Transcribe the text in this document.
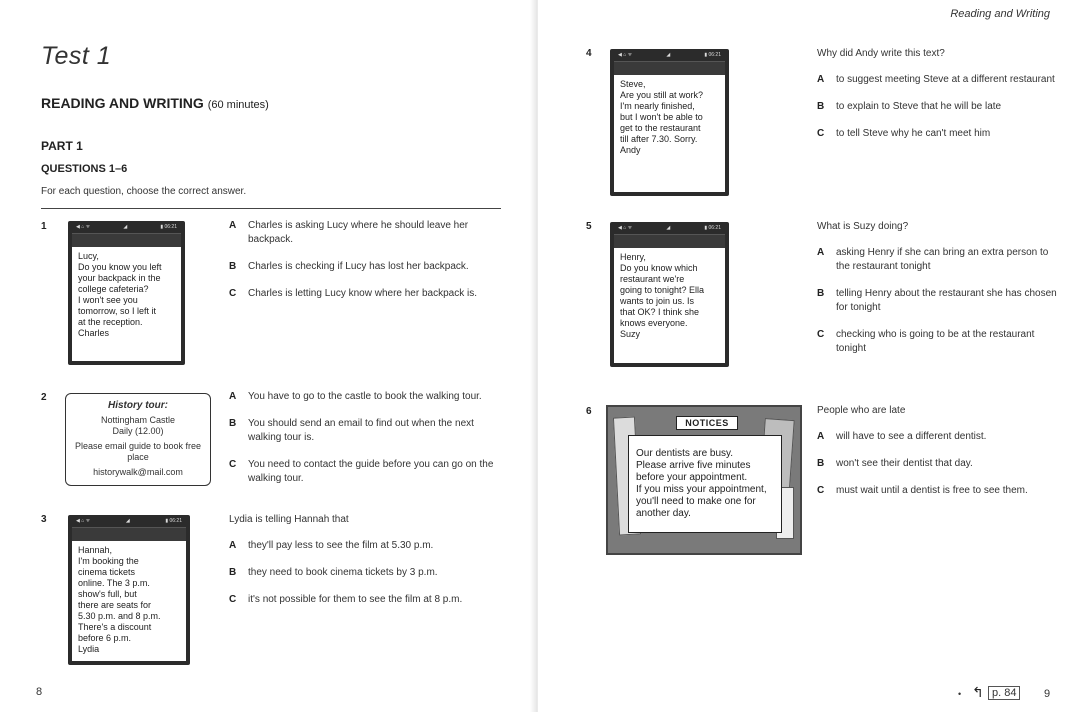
Test 1
READING AND WRITING (60 minutes)
PART 1
QUESTIONS 1–6
For each question, choose the correct answer.
1	◀ ⌂ ᯤ	◢	▮ 06:21
Lucy,
Do you know you left
your backpack in the
college cafeteria?
I won't see you
tomorrow, so I left it
at the reception.
Charles
A	Charles is asking Lucy where he should leave her backpack.
B	Charles is checking if Lucy has lost her backpack.
C	Charles is letting Lucy know where her backpack is.
2
History tour:
Nottingham Castle
Daily (12.00)
Please email guide to book free place
historywalk@mail.com
A	You have to go to the castle to book the walking tour.
B	You should send an email to find out when the next walking tour is.
C	You need to contact the guide before you can go on the walking tour.
3	◀ ⌂ ᯤ	◢	▮ 06:21
Hannah,
I'm booking the
cinema tickets
online. The 3 p.m.
show's full, but
there are seats for
5.30 p.m. and 8 p.m.
There's a discount
before 6 p.m.
Lydia
Lydia is telling Hannah that
A	they'll pay less to see the film at 5.30 p.m.
B	they need to book cinema tickets by 3 p.m.
C	it's not possible for them to see the film at 8 p.m.
8
Reading and Writing
4	◀ ⌂ ᯤ	◢	▮ 06:21
Steve,
Are you still at work?
I'm nearly finished,
but I won't be able to
get to the restaurant
till after 7.30. Sorry.
Andy
Why did Andy write this text?
A	to suggest meeting Steve at a different restaurant
B	to explain to Steve that he will be late
C	to tell Steve why he can't meet him
5	◀ ⌂ ᯤ	◢	▮ 06:21
Henry,
Do you know which
restaurant we're
going to tonight? Ella
wants to join us. Is
that OK? I think she
knows everyone.
Suzy
What is Suzy doing?
A	asking Henry if she can bring an extra person to the restaurant tonight
B	telling Henry about the restaurant she has chosen for tonight
C	checking who is going to be at the restaurant tonight
6
NOTICES
Our dentists are busy.
Please arrive five minutes
before your appointment.
If you miss your appointment,
you'll need to make one for
another day.
People who are late
A	will have to see a different dentist.
B	won't see their dentist that day.
C	must wait until a dentist is free to see them.
• ↰ p. 84	9
